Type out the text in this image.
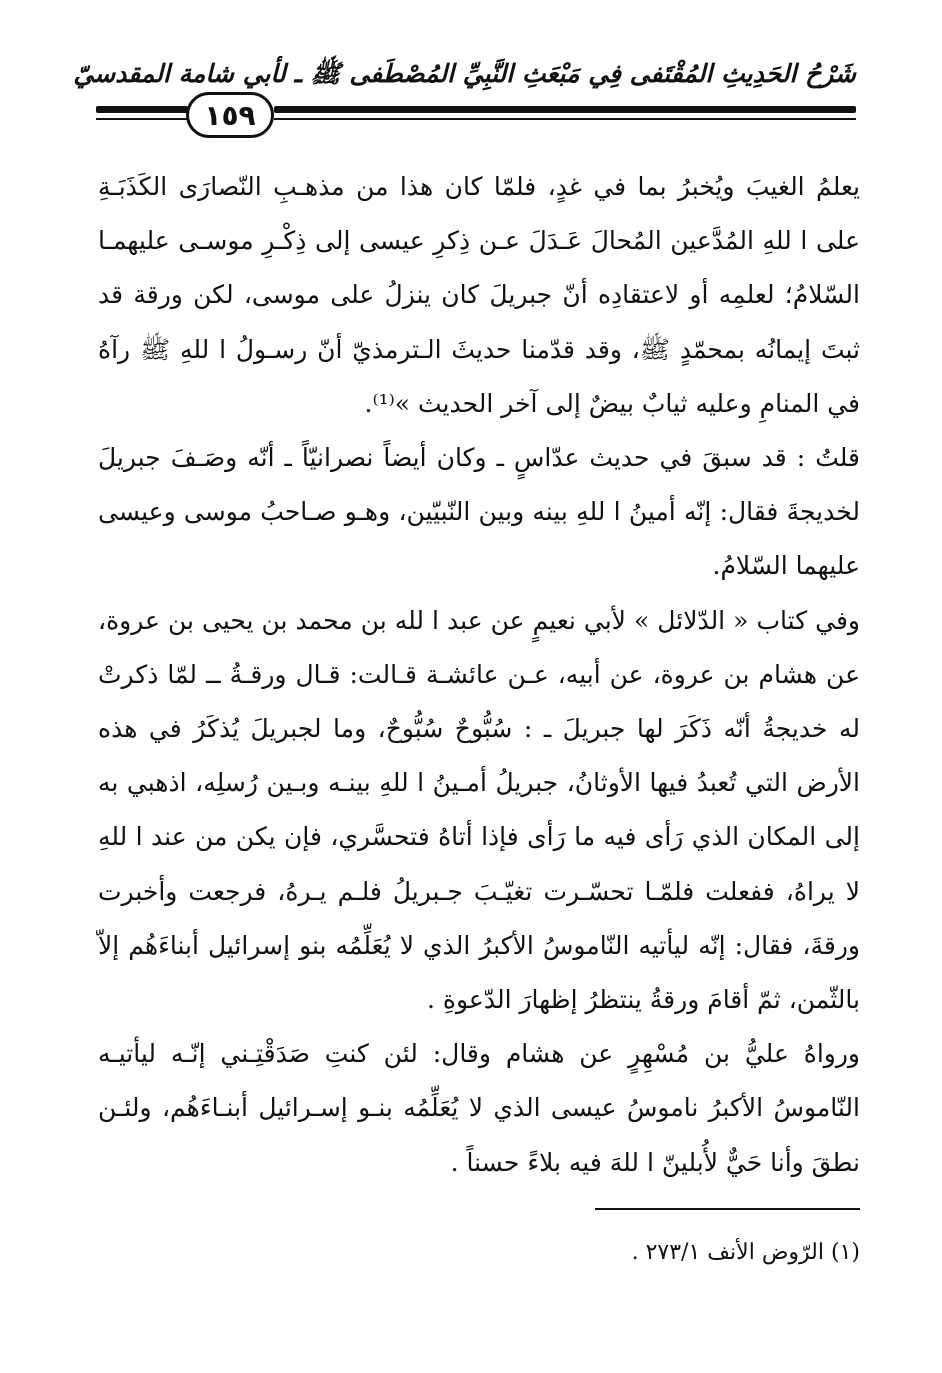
شَرْحُ الحَدِيثِ المُقْتَفى فِي مَبْعَثِ النَّبِيِّ المُصْطَفى ﷺ ـ لأبي شامة المقدسيّ
١٥٩

يعلمُ الغيبَ ويُخبرُ بما في غدٍ، فلمّا كان هذا من مذهـبِ النّصارَى الكَذَبَـةِ على ا للهِ المُدَّعين المُحالَ عَـدَلَ عـن ذِكرِ عيسى إلى ذِكْـرِ موسـى عليهمـا السّلامُ؛ لعلمِه أو لاعتقادِه أنّ جبريلَ كان ينزلُ على موسى، لكن ورقة قد ثبتَ إيمانُه بمحمّدٍ ﷺ، وقد قدّمنا حديثَ الـترمذيّ أنّ رسـولُ ا للهِ ﷺ رآهُ في المنامِ وعليه ثيابٌ بيضٌ إلى آخر الحديث »⁽¹⁾.

قلتُ : قد سبقَ في حديث عدّاسٍ ـ وكان أيضاً نصرانيّاً ـ أنّه وصَـفَ جبريلَ لخديجةَ فقال: إنّه أمينُ ا للهِ بينه وبين النّبيّين، وهـو صـاحبُ موسى وعيسى عليهما السّلامُ.

وفي كتاب « الدّلائل » لأبي نعيمٍ عن عبد ا لله بن محمد بن يحيى بن عروة، عن هشام بن عروة، عن أبيه، عـن عائشـة قـالت: قـال ورقـةُ ــ لمّا ذكرتْ له خديجةُ أنّه ذَكَرَ لها جبريلَ ـ : سُبُّوحٌ سُبُّوحٌ، وما لجبريلَ يُذكَرُ في هذه الأرض التي تُعبدُ فيها الأوثانُ، جبريلُ أمـينُ ا للهِ بينـه وبـين رُسلِه، اذهبي به إلى المكان الذي رَأى فيه ما رَأى فإذا أتاهُ فتحسَّري، فإن يكن من عند ا للهِ لا يراهُ، ففعلت فلمّـا تحسّـرت تغيّـبَ جـبريلُ فلـم يـرهُ، فرجعت وأخبرت ورقةَ، فقال: إنّه ليأتيه النّاموسُ الأكبرُ الذي لا يُعَلِّمُه بنو إسرائيل أبناءَهُم إلاّ بالثّمن، ثمّ أقامَ ورقةُ ينتظرُ إظهارَ الدّعوةِ .

ورواهُ عليُّ بن مُسْهِرٍ عن هشام وقال: لئن كنتِ صَدَقْتِـني إنّـه ليأتيـه النّاموسُ الأكبرُ ناموسُ عيسى الذي لا يُعَلِّمُه بنـو إسـرائيل أبنـاءَهُم، ولئـن نطقَ وأنا حَيٌّ لأُبلينّ ا للهَ فيه بلاءً حسناً .

(١) الرّوض الأنف ٢٧٣/١ .
